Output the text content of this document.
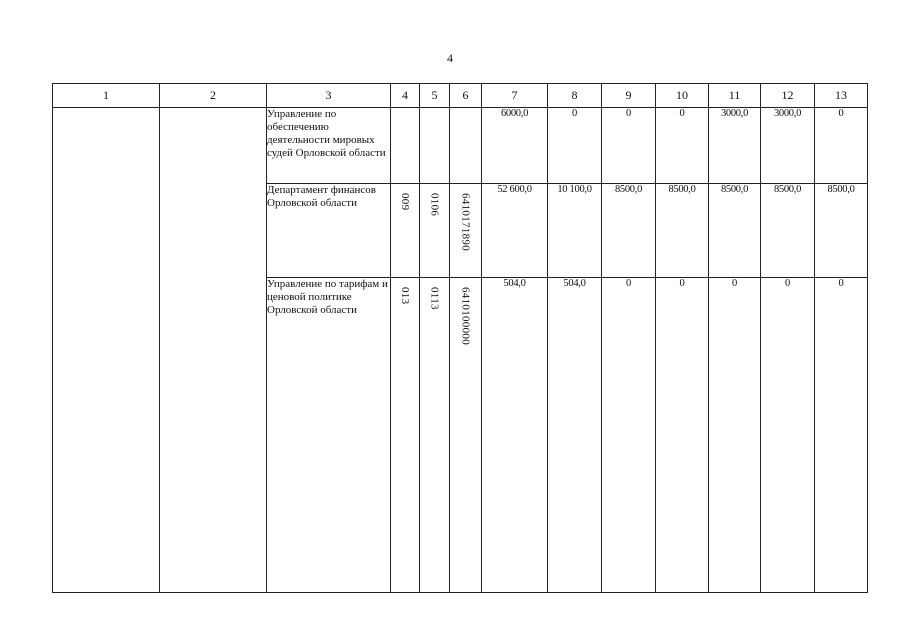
4
1	2	3	4	5	6	7	8	9	10	11	12	13
		Управление по обеспечению деятельности мировых судей Орловской области				6000,0	0	0	0	3000,0	3000,0	0
		Департамент финансов Орловской области	009	0106	6410171890	52 600,0	10 100,0	8500,0	8500,0	8500,0	8500,0	8500,0
		Управление по тарифам и ценовой политике Орловской области	013	0113	6410100000	504,0	504,0	0	0	0	0	0
